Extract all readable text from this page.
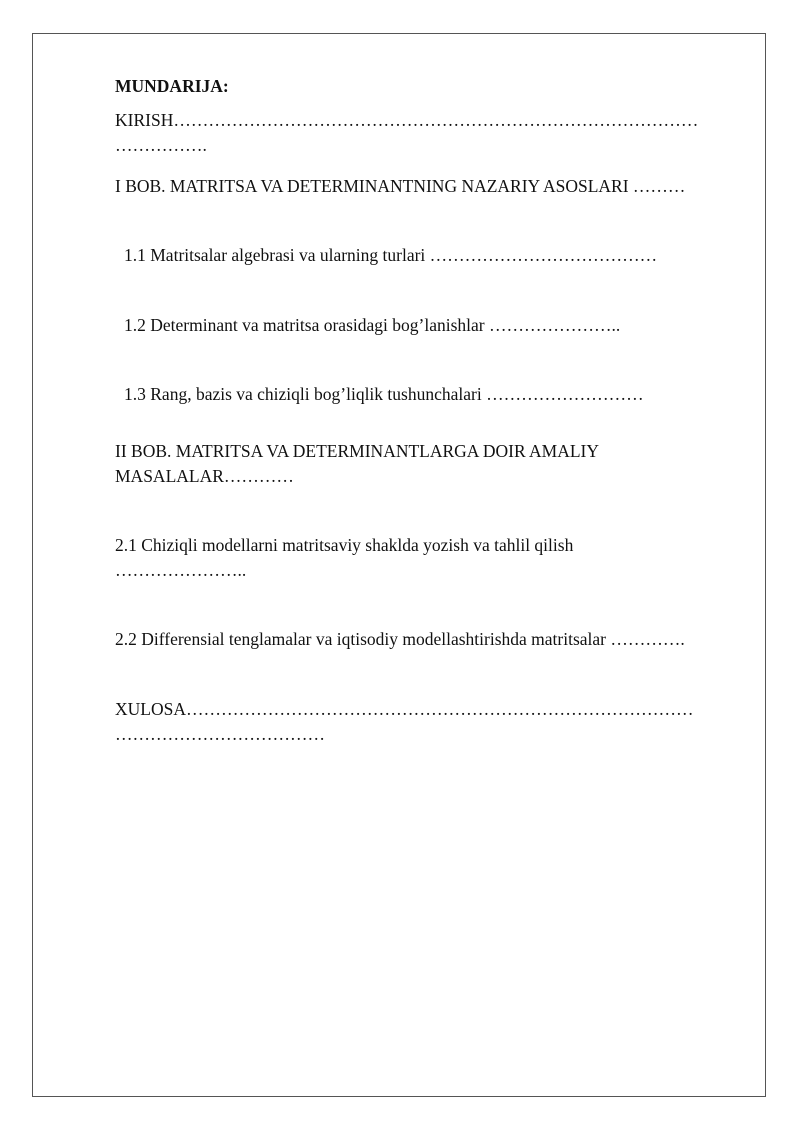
MUNDARIJA:

KIRISH………………………………………………………………………………
…………….

I BOB. MATRITSA VA DETERMINANTNING NAZARIY ASOSLARI ………

1.1 Matritsalar algebrasi va ularning turlari …………………………………

1.2 Determinant va matritsa orasidagi bog’lanishlar …………………..

1.3 Rang, bazis va chiziqli bog’liqlik tushunchalari ………………………

II BOB. MATRITSA VA DETERMINANTLARGA DOIR AMALIY
MASALALAR…………

2.1 Chiziqli modellarni matritsaviy shaklda yozish va tahlil qilish
…………………..

2.2 Differensial tenglamalar va iqtisodiy modellashtirishda matritsalar ………….

XULOSA……………………………………………………………………………
………………………………
